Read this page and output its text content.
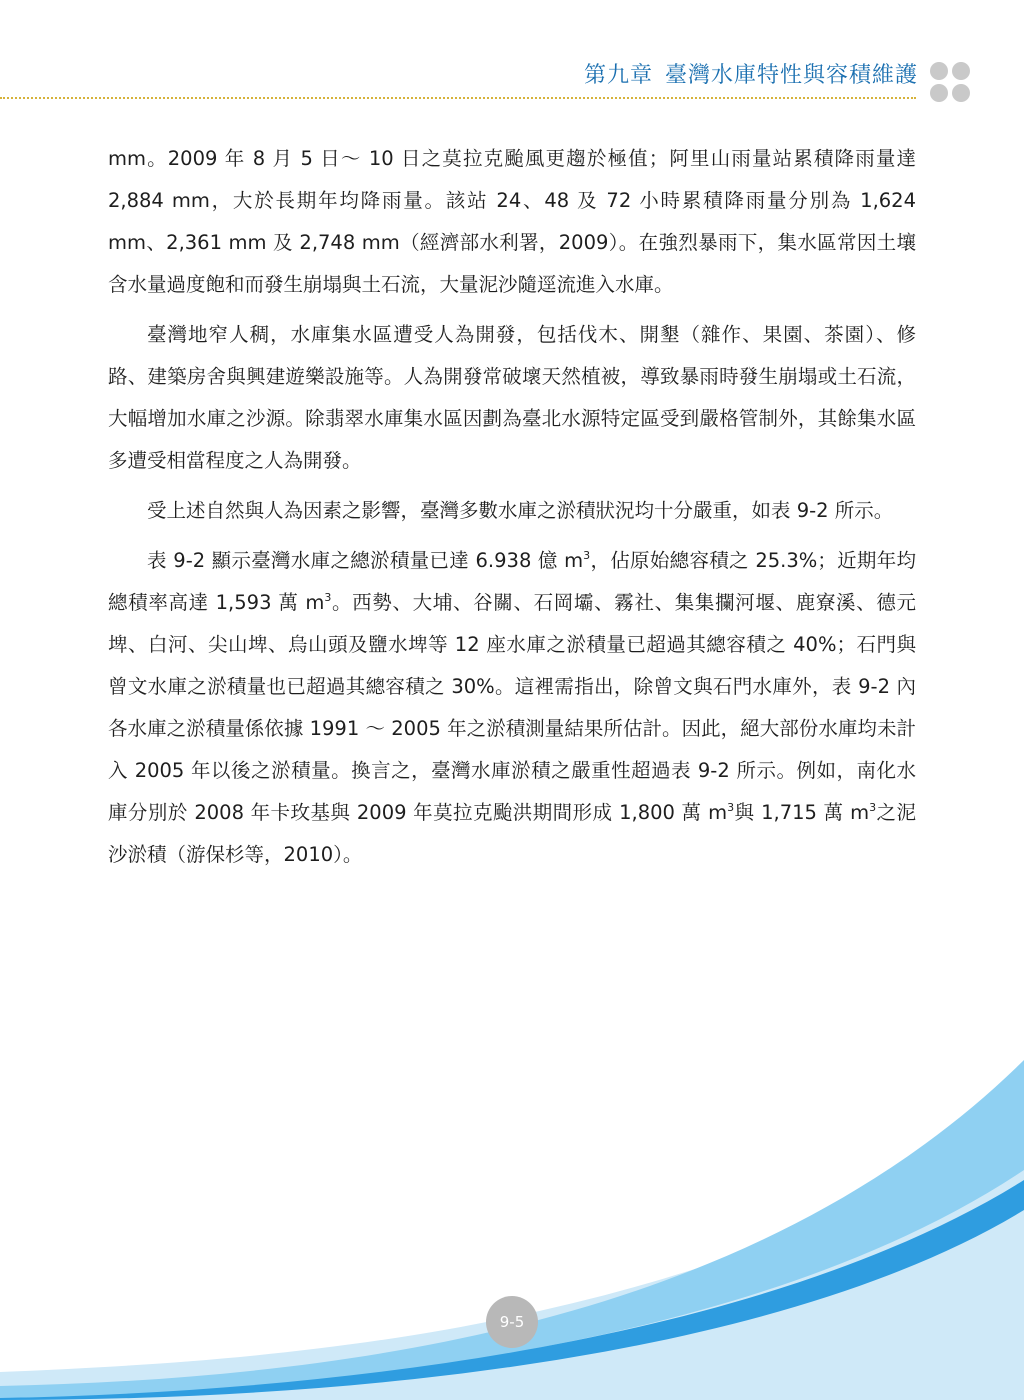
第九章 臺灣水庫特性與容積維護

mm。2009 年 8 月 5 日～ 10 日之莫拉克颱風更趨於極值；阿里山雨量站累積降雨量達 2,884 mm，大於長期年均降雨量。該站 24、48 及 72 小時累積降雨量分別為 1,624 mm、2,361 mm 及 2,748 mm（經濟部水利署，2009）。在強烈暴雨下，集水區常因土壤含水量過度飽和而發生崩塌與土石流，大量泥沙隨逕流進入水庫。

臺灣地窄人稠，水庫集水區遭受人為開發，包括伐木、開墾（雜作、果園、茶園）、修路、建築房舍與興建遊樂設施等。人為開發常破壞天然植被，導致暴雨時發生崩塌或土石流，大幅增加水庫之沙源。除翡翠水庫集水區因劃為臺北水源特定區受到嚴格管制外，其餘集水區多遭受相當程度之人為開發。

受上述自然與人為因素之影響，臺灣多數水庫之淤積狀況均十分嚴重，如表 9-2 所示。

表 9-2 顯示臺灣水庫之總淤積量已達 6.938 億 $m^3$，佔原始總容積之 25.3%；近期年均總積率高達 1,593 萬 $m^3$。西勢、大埔、谷關、石岡壩、霧社、集集攔河堰、鹿寮溪、德元埤、白河、尖山埤、烏山頭及鹽水埤等 12 座水庫之淤積量已超過其總容積之 40%；石門與曾文水庫之淤積量也已超過其總容積之 30%。這裡需指出，除曾文與石門水庫外，表 9-2 內各水庫之淤積量係依據 1991 ～ 2005 年之淤積測量結果所估計。因此，絕大部份水庫均未計入 2005 年以後之淤積量。換言之，臺灣水庫淤積之嚴重性超過表 9-2 所示。例如，南化水庫分別於 2008 年卡玫基與 2009 年莫拉克颱洪期間形成 1,800 萬 $m^3$與 1,715 萬 $m^3$之泥沙淤積（游保杉等，2010）。

9-5
